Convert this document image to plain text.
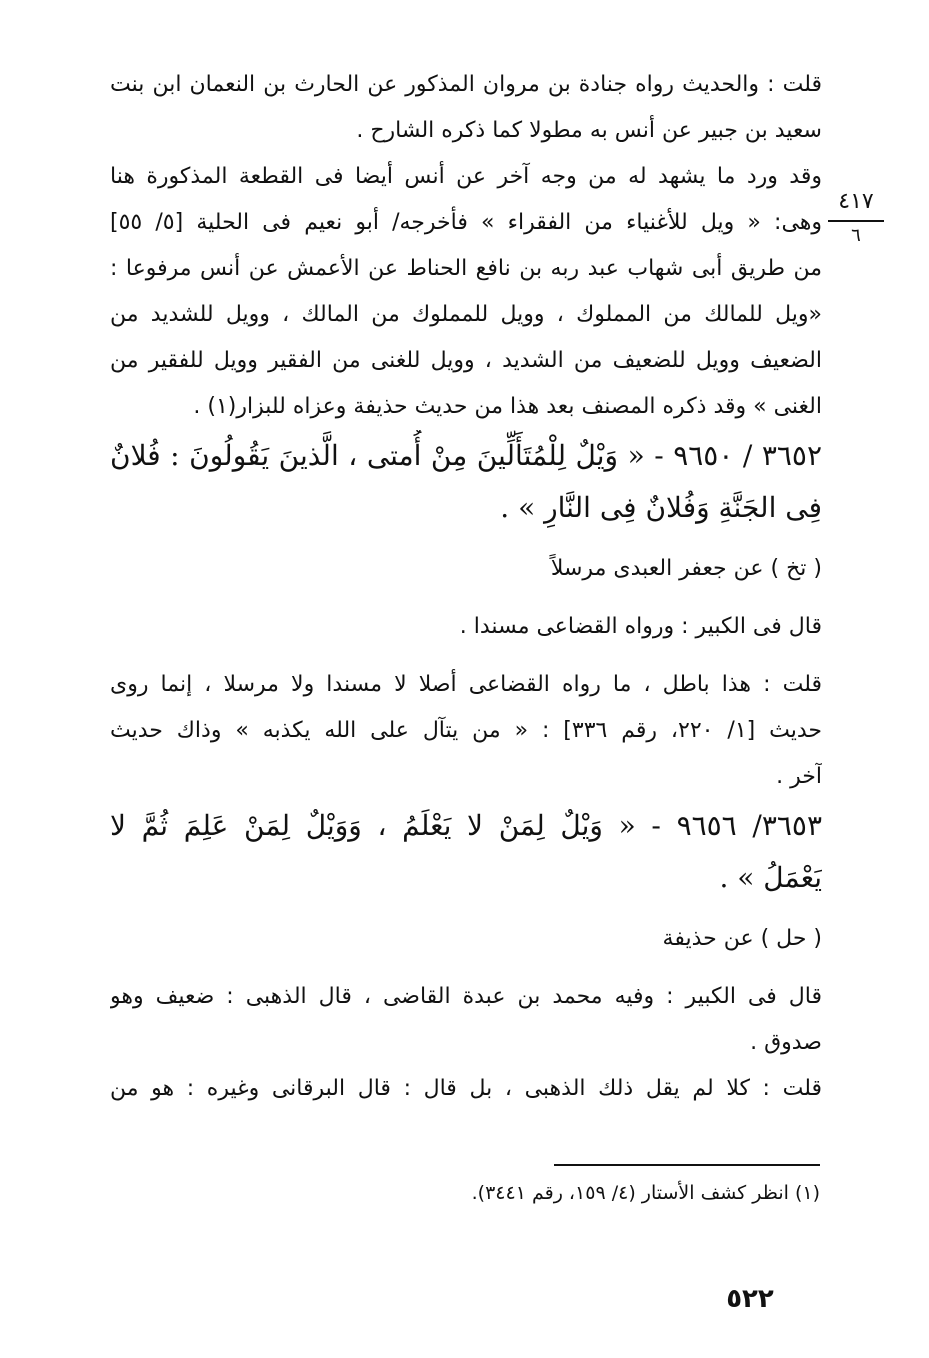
٤١٧
٦
قلت : والحديث رواه جنادة بن مروان المذكور عن الحارث بن النعمان ابن بنت
سعيد بن جبير عن أنس به مطولا كما ذكره الشارح .
وقد ورد ما يشهد له من وجه آخر عن أنس أيضا فى القطعة المذكورة هنا
وهى: « ويل للأغنياء من الفقراء » فأخرجه/ أبو نعيم فى الحلية [٥/ ٥٥]
من طريق أبى شهاب عبد ربه بن نافع الحناط عن الأعمش عن أنس مرفوعا :
«ويل للمالك من المملوك ، وويل للمملوك من المالك ، وويل للشديد من
الضعيف وويل للضعيف من الشديد ، وويل للغنى من الفقير وويل للفقير من
الغنى » وقد ذكره المصنف بعد هذا من حديث حذيفة وعزاه للبزار(١) .
٣٦٥٢ / ٩٦٥٠ - « وَيْلٌ لِلْمُتَأَلِّينَ مِنْ أُمتى ، الَّذينَ يَقُولُونَ : فُلانٌ
فِى الجَنَّةِ وَفُلانٌ فِى النَّارِ » .
( تخ ) عن جعفر العبدى مرسلاً
قال فى الكبير : ورواه القضاعى مسندا .
قلت : هذا باطل ، ما رواه القضاعى أصلا لا مسندا ولا مرسلا ، إنما روى
حديث [١/ ٢٢٠، رقم ٣٣٦] : « من يتآل على الله يكذبه » وذاك حديث
آخر .
٣٦٥٣/ ٩٦٥٦ - « وَيْلٌ لِمَنْ لا يَعْلَمُ ، وَوَيْلٌ لِمَنْ عَلِمَ ثُمَّ لا
يَعْمَلُ » .
( حل ) عن حذيفة
قال فى الكبير : وفيه محمد بن عبدة القاضى ، قال الذهبى : ضعيف وهو
صدوق .
قلت : كلا لم يقل ذلك الذهبى ، بل قال : قال البرقانى وغيره : هو من
(١) انظر كشف الأستار (٤/ ١٥٩، رقم ٣٤٤١).
٥٢٢
